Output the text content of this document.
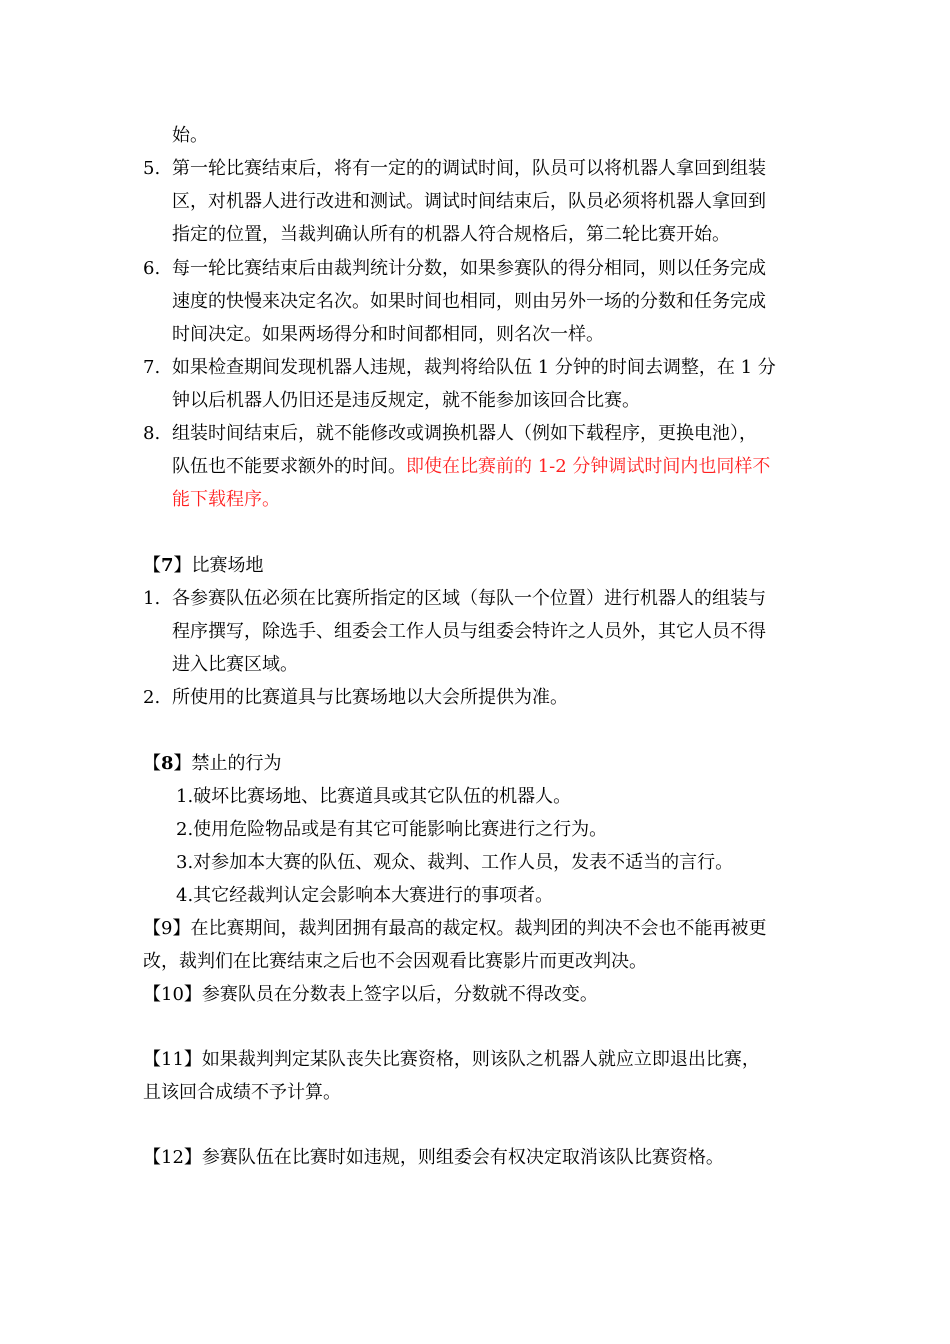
始。
5. 第一轮比赛结束后，将有一定的的调试时间，队员可以将机器人拿回到组装
区，对机器人进行改进和测试。调试时间结束后，队员必须将机器人拿回到
指定的位置，当裁判确认所有的机器人符合规格后，第二轮比赛开始。
6. 每一轮比赛结束后由裁判统计分数，如果参赛队的得分相同，则以任务完成
速度的快慢来决定名次。如果时间也相同，则由另外一场的分数和任务完成
时间决定。如果两场得分和时间都相同，则名次一样。
7. 如果检查期间发现机器人违规，裁判将给队伍 1 分钟的时间去调整，在 1 分
钟以后机器人仍旧还是违反规定，就不能参加该回合比赛。
8. 组装时间结束后，就不能修改或调换机器人（例如下载程序，更换电池），
队伍也不能要求额外的时间。即使在比赛前的 1-2 分钟调试时间内也同样不
能下载程序。
【7】比赛场地
1. 各参赛队伍必须在比赛所指定的区域（每队一个位置）进行机器人的组装与
程序撰写，除选手、组委会工作人员与组委会特许之人员外，其它人员不得
进入比赛区域。
2. 所使用的比赛道具与比赛场地以大会所提供为准。
【8】禁止的行为
1.破坏比赛场地、比赛道具或其它队伍的机器人。
2.使用危险物品或是有其它可能影响比赛进行之行为。
3.对参加本大赛的队伍、观众、裁判、工作人员，发表不适当的言行。
4.其它经裁判认定会影响本大赛进行的事项者。
【9】在比赛期间，裁判团拥有最高的裁定权。裁判团的判决不会也不能再被更
改，裁判们在比赛结束之后也不会因观看比赛影片而更改判决。
【10】参赛队员在分数表上签字以后，分数就不得改变。
【11】如果裁判判定某队丧失比赛资格，则该队之机器人就应立即退出比赛，
且该回合成绩不予计算。
【12】参赛队伍在比赛时如违规，则组委会有权决定取消该队比赛资格。
